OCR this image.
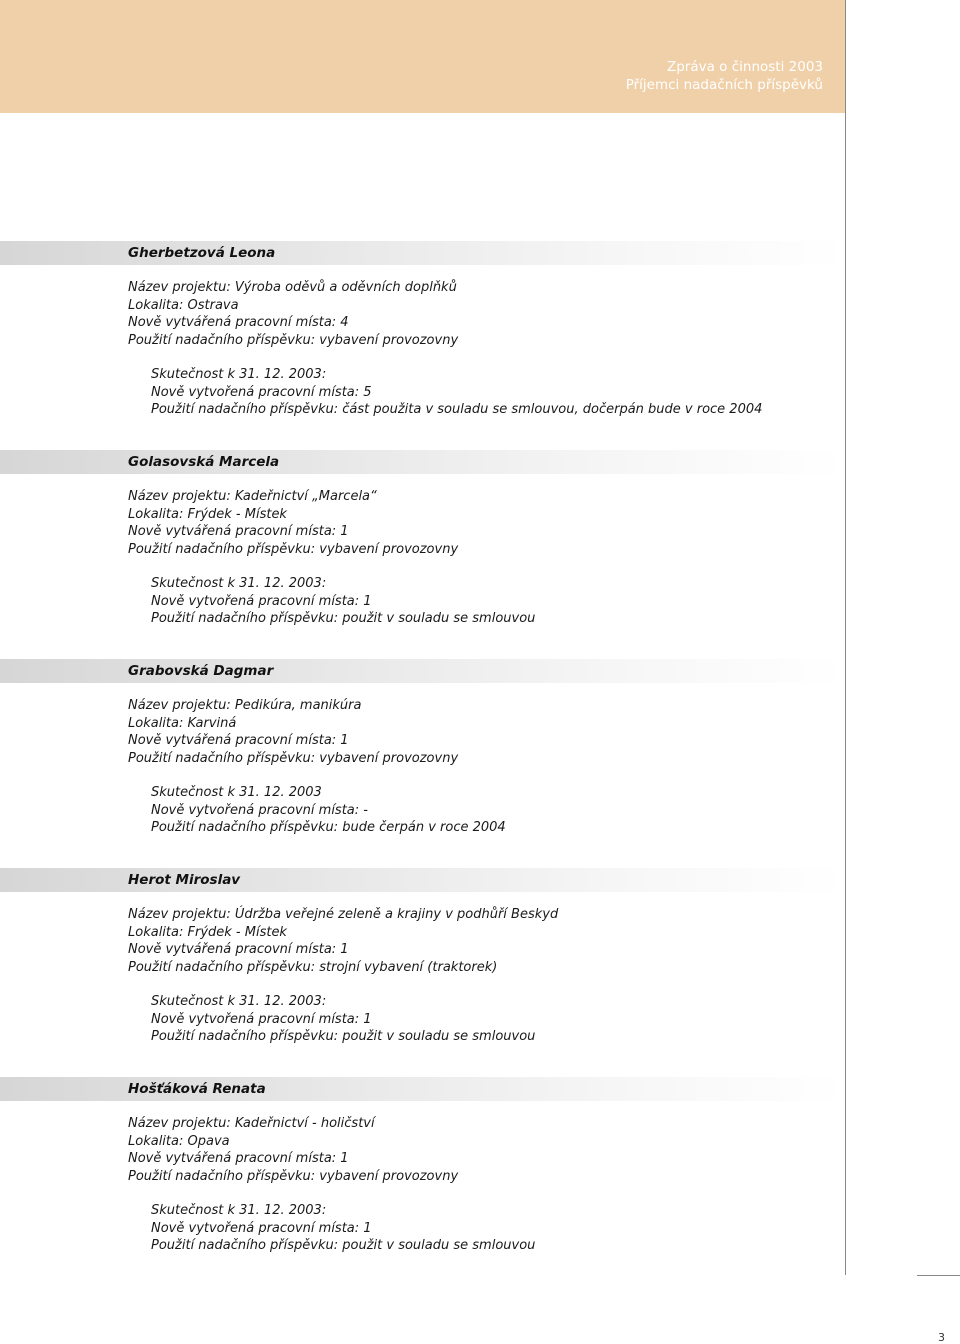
Zpráva o činnosti 2003
Příjemci nadačních příspěvků
Gherbetzová Leona
Název projektu: Výroba oděvů a oděvních doplňků
Lokalita: Ostrava
Nově vytvářená pracovní místa: 4
Použití nadačního příspěvku: vybavení provozovny
Skutečnost k 31. 12. 2003:
Nově vytvořená pracovní místa: 5
Použití nadačního příspěvku: část použita v souladu se smlouvou, dočerpán bude v roce 2004
Golasovská Marcela
Název projektu: Kadeřnictví „Marcela“
Lokalita: Frýdek - Místek
Nově vytvářená pracovní místa: 1
Použití nadačního příspěvku: vybavení provozovny
Skutečnost k 31. 12. 2003:
Nově vytvořená pracovní místa: 1
Použití nadačního příspěvku: použit v souladu se smlouvou
Grabovská Dagmar
Název projektu: Pedikúra, manikúra
Lokalita: Karviná
Nově vytvářená pracovní místa: 1
Použití nadačního příspěvku: vybavení provozovny
Skutečnost k 31. 12. 2003
Nově vytvořená pracovní místa: -
Použití nadačního příspěvku: bude čerpán v roce 2004
Herot Miroslav
Název projektu: Údržba veřejné zeleně a krajiny v podhůří Beskyd
Lokalita: Frýdek - Místek
Nově vytvářená pracovní místa: 1
Použití nadačního příspěvku: strojní vybavení (traktorek)
Skutečnost k 31. 12. 2003:
Nově vytvořená pracovní místa: 1
Použití nadačního příspěvku: použit v souladu se smlouvou
Hošťáková Renata
Název projektu: Kadeřnictví - holičství
Lokalita: Opava
Nově vytvářená pracovní místa: 1
Použití nadačního příspěvku: vybavení provozovny
Skutečnost k 31. 12. 2003:
Nově vytvořená pracovní místa: 1
Použití nadačního příspěvku: použit v souladu se smlouvou
3
